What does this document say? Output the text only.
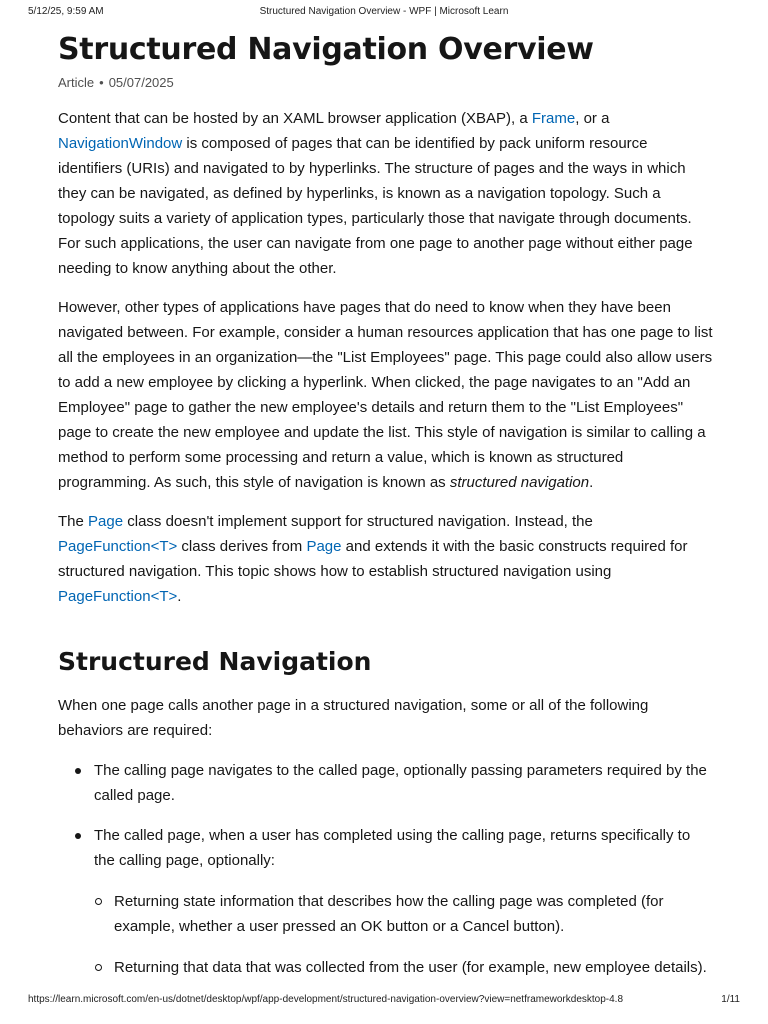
5/12/25, 9:59 AM	Structured Navigation Overview - WPF | Microsoft Learn
Structured Navigation Overview
Article • 05/07/2025

Content that can be hosted by an XAML browser application (XBAP), a Frame, or a NavigationWindow is composed of pages that can be identified by pack uniform resource identifiers (URIs) and navigated to by hyperlinks. The structure of pages and the ways in which they can be navigated, as defined by hyperlinks, is known as a navigation topology. Such a topology suits a variety of application types, particularly those that navigate through documents. For such applications, the user can navigate from one page to another page without either page needing to know anything about the other.

However, other types of applications have pages that do need to know when they have been navigated between. For example, consider a human resources application that has one page to list all the employees in an organization—the "List Employees" page. This page could also allow users to add a new employee by clicking a hyperlink. When clicked, the page navigates to an "Add an Employee" page to gather the new employee's details and return them to the "List Employees" page to create the new employee and update the list. This style of navigation is similar to calling a method to perform some processing and return a value, which is known as structured programming. As such, this style of navigation is known as structured navigation.

The Page class doesn't implement support for structured navigation. Instead, the PageFunction<T> class derives from Page and extends it with the basic constructs required for structured navigation. This topic shows how to establish structured navigation using PageFunction<T>.

Structured Navigation

When one page calls another page in a structured navigation, some or all of the following behaviors are required:

The calling page navigates to the called page, optionally passing parameters required by the called page.

The called page, when a user has completed using the calling page, returns specifically to the calling page, optionally:

Returning state information that describes how the calling page was completed (for example, whether a user pressed an OK button or a Cancel button).

Returning that data that was collected from the user (for example, new employee details).

https://learn.microsoft.com/en-us/dotnet/desktop/wpf/app-development/structured-navigation-overview?view=netframeworkdesktop-4.8	1/11
